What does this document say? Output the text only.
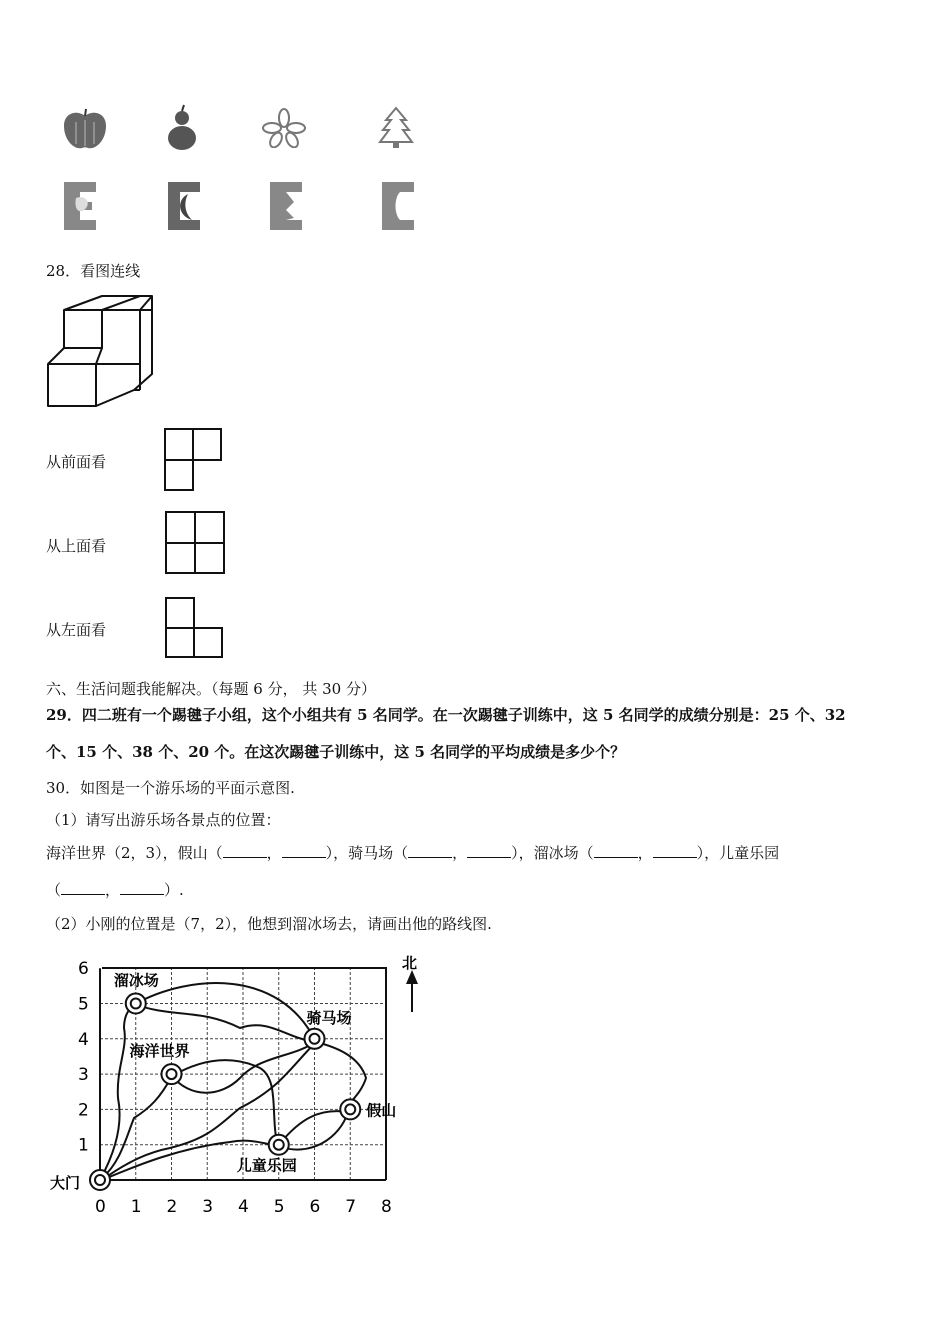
28．看图连线
从前面看
从上面看
从左面看
六、生活问题我能解决。（每题 6 分， 共 30 分）
29．四二班有一个踢毽子小组，这个小组共有 5 名同学。在一次踢毽子训练中，这 5 名同学的成绩分别是：25 个、32
个、15 个、38 个、20 个。在这次踢毽子训练中，这 5 名同学的平均成绩是多少个？
30．如图是一个游乐场的平面示意图.
（1）请写出游乐场各景点的位置：
海洋世界（2，3），假山（	，	），骑马场（	，	），溜冰场（	，	），儿童乐园
（	，	）.
（2）小刚的位置是（7，2），他想到溜冰场去，请画出他的路线图.
溜冰场
骑马场
海洋世界
假山
儿童乐园
大门
0 1 2 3 4 5 6 7 8
1
2
3
4
5
6	北
